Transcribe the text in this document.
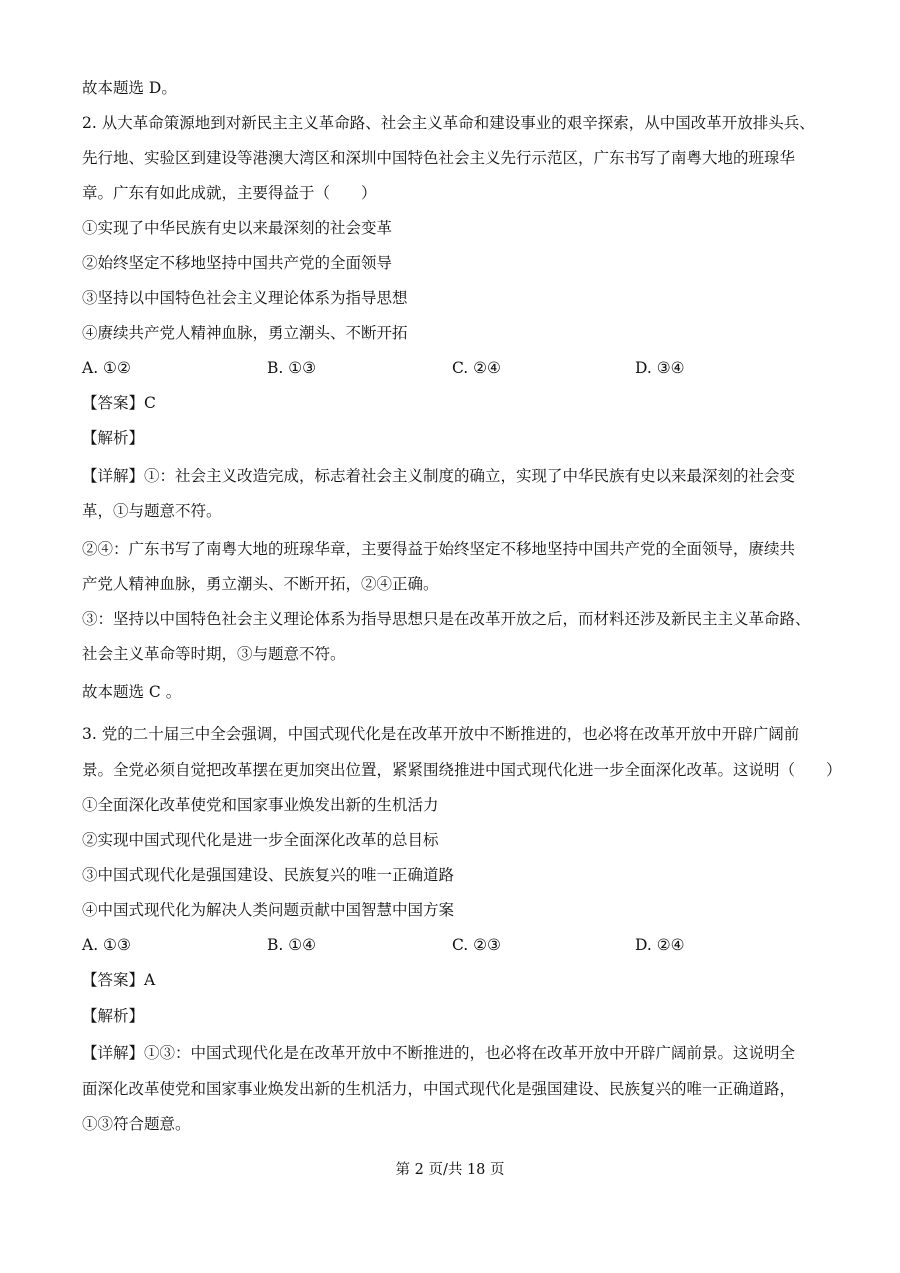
故本题选 D。
2. 从大革命策源地到对新民主主义革命路、社会主义革命和建设事业的艰辛探索，从中国改革开放排头兵、
先行地、实验区到建设等港澳大湾区和深圳中国特色社会主义先行示范区，广东书写了南粤大地的班瑔华
章。广东有如此成就，主要得益于（　　）
①实现了中华民族有史以来最深刻的社会变革
②始终坚定不移地坚持中国共产党的全面领导
③坚持以中国特色社会主义理论体系为指导思想
④赓续共产党人精神血脉，勇立潮头、不断开拓
A. ①②	B. ①③	C. ②④	D. ③④
【答案】C
【解析】
【详解】①：社会主义改造完成，标志着社会主义制度的确立，实现了中华民族有史以来最深刻的社会变
革，①与题意不符。
②④：广东书写了南粤大地的班瑔华章，主要得益于始终坚定不移地坚持中国共产党的全面领导，赓续共
产党人精神血脉，勇立潮头、不断开拓，②④正确。
③：坚持以中国特色社会主义理论体系为指导思想只是在改革开放之后，而材料还涉及新民主主义革命路、
社会主义革命等时期，③与题意不符。
故本题选 C 。
3. 党的二十届三中全会强调，中国式现代化是在改革开放中不断推进的，也必将在改革开放中开辟广阔前
景。全党必须自觉把改革摆在更加突出位置，紧紧围绕推进中国式现代化进一步全面深化改革。这说明（　　）
①全面深化改革使党和国家事业焕发出新的生机活力
②实现中国式现代化是进一步全面深化改革的总目标
③中国式现代化是强国建设、民族复兴的唯一正确道路
④中国式现代化为解决人类问题贡献中国智慧中国方案
A. ①③	B. ①④	C. ②③	D. ②④
【答案】A
【解析】
【详解】①③：中国式现代化是在改革开放中不断推进的，也必将在改革开放中开辟广阔前景。这说明全
面深化改革使党和国家事业焕发出新的生机活力，中国式现代化是强国建设、民族复兴的唯一正确道路，
①③符合题意。
第 2 页/共 18 页
